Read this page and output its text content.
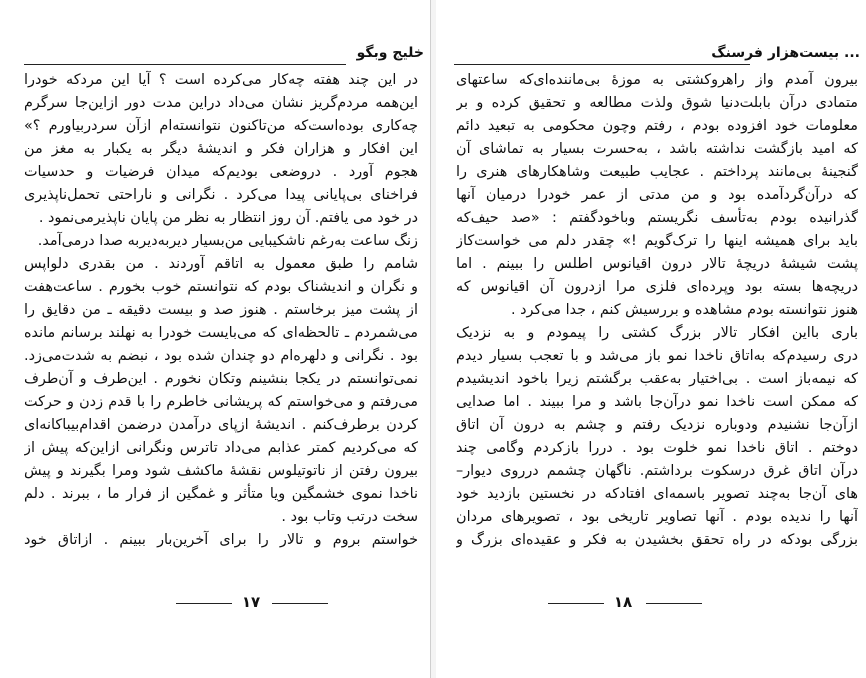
خلیج وبگو
در این چند هفته چه‌کار می‌کرده است ؟ آیا این مردکه خودرا
این‌همه مردم‌گریز نشان می‌داد دراین مدت دور ازاین‌جا سرگرم
چه‌کاری بوده‌است‌که من‌تاکنون نتوانسته‌ام ازآن سردربیاورم ؟»
این افکار و هزاران فکر و اندیشهٔ دیگر به یکبار به مغز من
هجوم آورد . دروضعی بودیم‌که میدان فرضیات و حدسیات
فراخنای بی‌پایانی پیدا می‌کرد . نگرانی و ناراحتی تحمل‌ناپذیری
در خود می یافتم. آن روز انتظار به نظر من پایان ناپذیرمی‌نمود .
زنگ ساعت به‌رغم ناشکیبایی من‌بسیار دیربه‌دیربه صدا درمی‌آمد.
شامم را طبق معمول به اتاقم آوردند . من بقدری دلواپس
و نگران و اندیشناک بودم که نتوانستم خوب بخورم . ساعت‌هفت
از پشت میز برخاستم . هنوز صد و بیست دقیقه ـ من دقایق را
می‌شمردم ـ تالحظه‌ای که می‌بایست خودرا به نهلند برسانم مانده
بود . نگرانی و دلهره‌ام دو چندان شده بود ، نبضم به شدت‌می‌زد.
نمی‌توانستم در یکجا بنشینم وتکان نخورم . این‌طرف و آن‌طرف
می‌رفتم و می‌خواستم که پریشانی خاطرم را با قدم زدن و حرکت
کردن برطرف‌کنم . اندیشهٔ ازپای درآمدن درضمن اقدام‌بیباکانه‌ای
که می‌کردیم کمتر عذابم می‌داد تاترس ونگرانی ازاین‌که پیش از
بیرون رفتن از ناتوتیلوس نقشهٔ ماکشف شود ومرا بگیرند و پیش
ناخدا نموی خشمگین ویا متأثر و غمگین از فرار ما ، ببرند . دلم
سخت درتب وتاب بود .
خواستم بروم و تالار را برای آخرین‌بار ببینم . ازاتاق خود
۱۷
بیست‌هزار فرسنگ ...
بیرون آمدم واز راهروکشتی به موزهٔ بی‌ماننده‌ای‌که ساعتهای
متمادی درآن بابلت‌دنیا شوق ولذت مطالعه و تحقیق کرده و بر
معلومات خود افزوده بودم ، رفتم وچون محکومی به تبعید دائم
که امید بازگشت نداشته باشد ، به‌حسرت بسیار به تماشای آن
گنجینهٔ بی‌مانند پرداختم . عجایب طبیعت وشاهکارهای هنری را
که درآن‌گردآمده بود و من مدتی از عمر خودرا درمیان آنها
گذرانیده بودم به‌تأسف نگریستم وباخودگفتم : «صد حیف‌که
باید برای همیشه اینها را ترک‌گویم !» چقدر دلم می خواست‌کاز
پشت شیشهٔ دریچهٔ تالار درون اقیانوس اطلس را ببینم . اما
دریچه‌ها بسته بود وپرده‌ای فلزی مرا ازدرون آن اقیانوس که
هنوز نتوانسته بودم مشاهده و بررسیش کنم ، جدا می‌کرد .
باری بااین افکار تالار بزرگ کشتی را پیمودم و به نزدیک
دری رسیدم‌که به‌اتاق ناخدا نمو باز می‌شد و با تعجب بسیار دیدم
که نیمه‌باز است . بی‌اختیار به‌عقب برگشتم زیرا باخود اندیشیدم
که ممکن است ناخدا نمو درآن‌جا باشد و مرا ببیند . اما صدایی
ازآن‌جا نشنیدم ودوباره نزدیک رفتم و چشم به درون آن اتاق
دوختم . اتاق ناخدا نمو خلوت بود . دررا بازکردم وگامی چند
درآن اتاق غرق درسکوت برداشتم. ناگهان چشمم درروی دیوار–
های آن‌جا به‌چند تصویر باسمه‌ای افتادکه در نخستین بازدید خود
آنها را ندیده بودم . آنها تصاویر تاریخی بود ، تصویرهای مردان
بزرگی بودکه در راه تحقق بخشیدن به فکر و عقیده‌ای بزرگ و
۱۸
